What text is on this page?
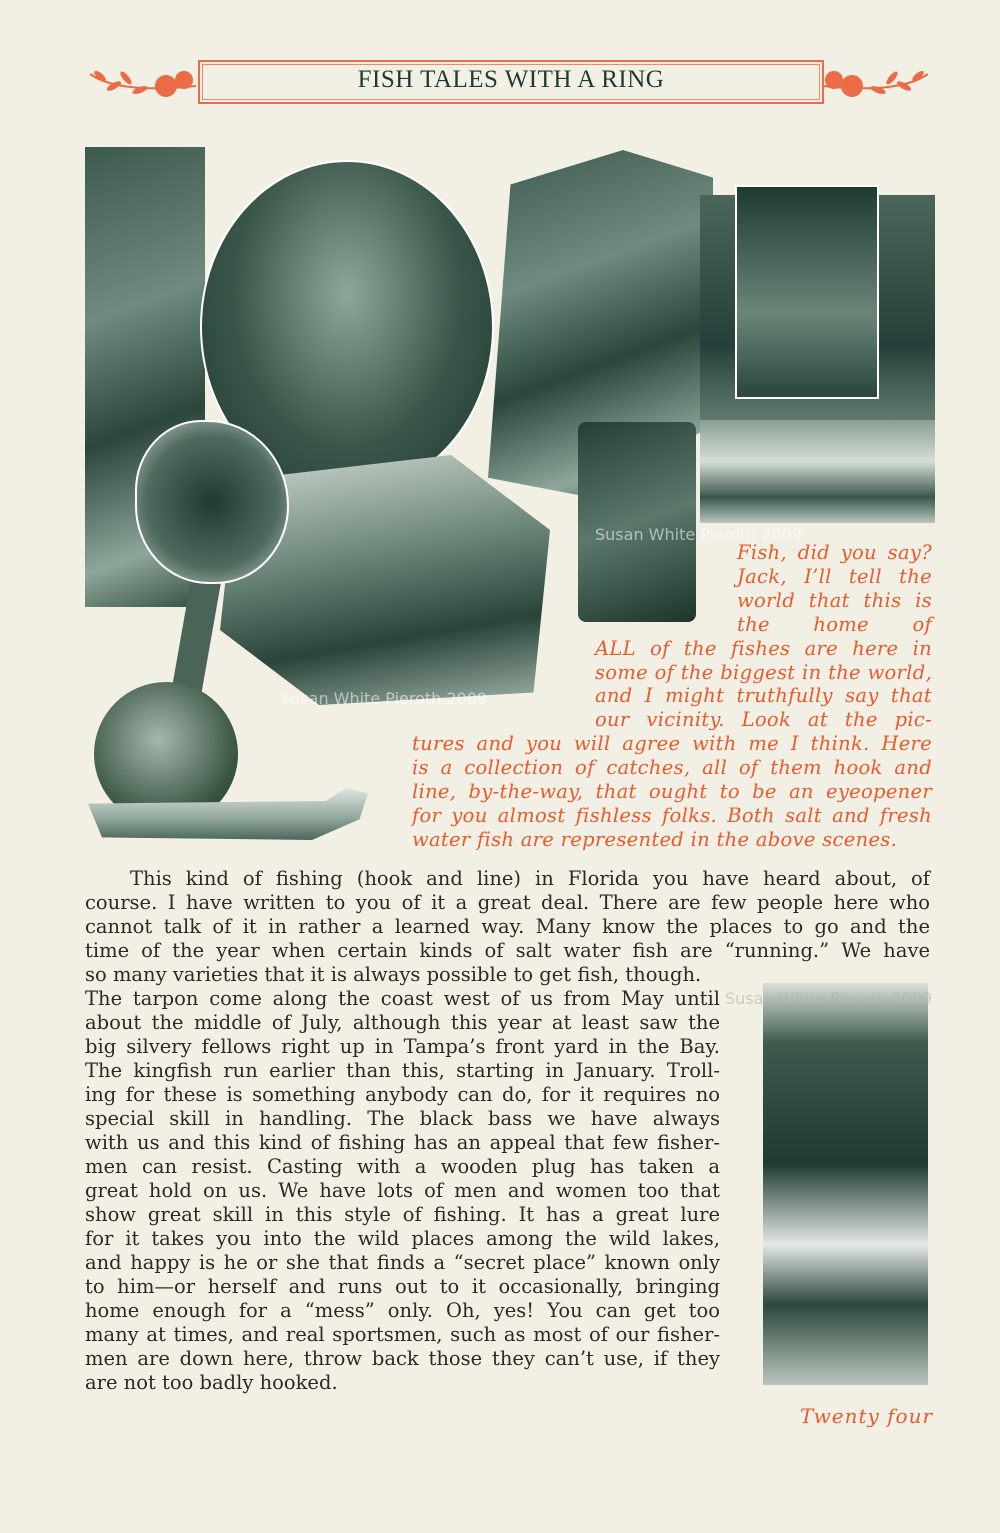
FISH TALES WITH A RING
Susan White Pieroth 2009
Susan White Pieroth 2009
Susan White Pieroth 2009
Fish, did you say?
Jack, I’ll tell the
world that this is
the home of
ALL of the fishes are here in
some of the biggest in the world,
and I might truthfully say that
our vicinity. Look at the pic-
tures and you will agree with me I think. Here
is a collection of catches, all of them hook and
line, by-the-way, that ought to be an eyeopener
for you almost fishless folks. Both salt and fresh
water fish are represented in the above scenes.
This kind of fishing (hook and line) in Florida you have heard about, of
course. I have written to you of it a great deal. There are few people here who
cannot talk of it in rather a learned way. Many know the places to go and the
time of the year when certain kinds of salt water fish are “running.” We have
so many varieties that it is always possible to get fish, though.
The tarpon come along the coast west of us from May until
about the middle of July, although this year at least saw the
big silvery fellows right up in Tampa’s front yard in the Bay.
The kingfish run earlier than this, starting in January. Troll-
ing for these is something anybody can do, for it requires no
special skill in handling. The black bass we have always
with us and this kind of fishing has an appeal that few fisher-
men can resist. Casting with a wooden plug has taken a
great hold on us. We have lots of men and women too that
show great skill in this style of fishing. It has a great lure
for it takes you into the wild places among the wild lakes,
and happy is he or she that finds a “secret place” known only
to him—or herself and runs out to it occasionally, bringing
home enough for a “mess” only. Oh, yes! You can get too
many at times, and real sportsmen, such as most of our fisher-
men are down here, throw back those they can’t use, if they
are not too badly hooked.
Twenty four
